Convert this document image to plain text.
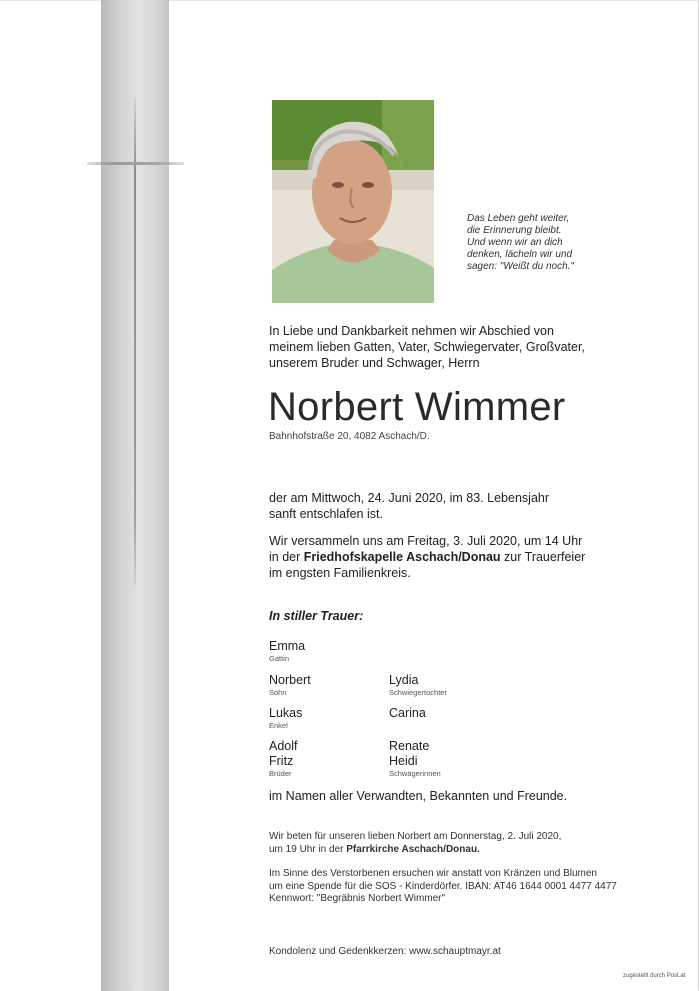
Das Leben geht weiter,
die Erinnerung bleibt.
Und wenn wir an dich
denken, lächeln wir und
sagen: "Weißt du noch."
In Liebe und Dankbarkeit nehmen wir Abschied von
meinem lieben Gatten, Vater, Schwiegervater, Großvater,
unserem Bruder und Schwager, Herrn
Norbert Wimmer
Bahnhofstraße 20, 4082 Aschach/D.
der am Mittwoch, 24. Juni 2020, im 83. Lebensjahr
sanft entschlafen ist.
Wir versammeln uns am Freitag, 3. Juli 2020, um 14 Uhr
in der Friedhofskapelle Aschach/Donau zur Trauerfeier
im engsten Familienkreis.
In stiller Trauer:
Emma
Gattin
Norbert
Sohn
Lydia
Schwiegertochter
Lukas
Enkel
Carina
Adolf
Fritz
Brüder
Renate
Heidi
Schwägerinnen
im Namen aller Verwandten, Bekannten und Freunde.
Wir beten für unseren lieben Norbert am Donnerstag, 2. Juli 2020,
um 19 Uhr in der Pfarrkirche Aschach/Donau.
Im Sinne des Verstorbenen ersuchen wir anstatt von Kränzen und Blumen
um eine Spende für die SOS - Kinderdörfer. IBAN: AT46 1644 0001 4477 4477
Kennwort: "Begräbnis Norbert Wimmer"
Kondolenz und Gedenkkerzen: www.schauptmayr.at
zugestellt durch Post.at
